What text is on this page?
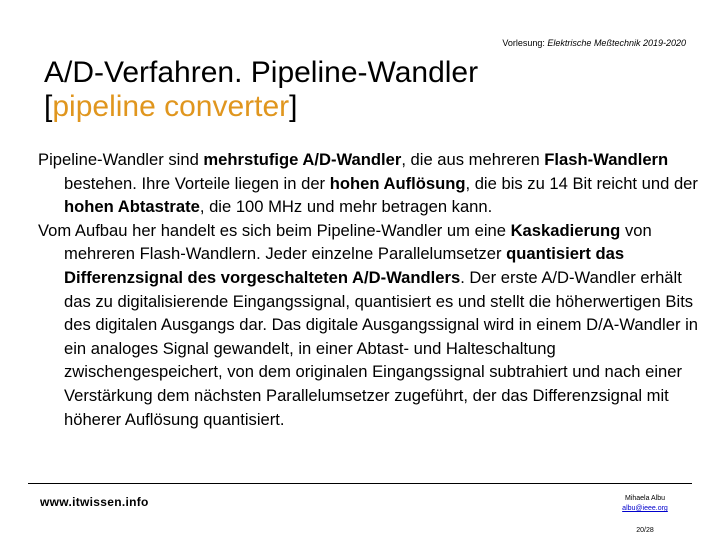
Vorlesung: Elektrische Meßtechnik 2019-2020
A/D-Verfahren. Pipeline-Wandler
[pipeline converter]

Pipeline-Wandler sind mehrstufige A/D-Wandler, die aus mehreren Flash-Wandlern bestehen. Ihre Vorteile liegen in der hohen Auflösung, die bis zu 14 Bit reicht und der hohen Abtastrate, die 100 MHz und mehr betragen kann.

Vom Aufbau her handelt es sich beim Pipeline-Wandler um eine Kaskadierung von mehreren Flash-Wandlern. Jeder einzelne Parallelumsetzer quantisiert das Differenzsignal des vorgeschalteten A/D-Wandlers. Der erste A/D-Wandler erhält das zu digitalisierende Eingangssignal, quantisiert es und stellt die höherwertigen Bits des digitalen Ausgangs dar. Das digitale Ausgangssignal wird in einem D/A-Wandler in ein analoges Signal gewandelt, in einer Abtast- und Halteschaltung zwischengespeichert, von dem originalen Eingangssignal subtrahiert und nach einer Verstärkung dem nächsten Parallelumsetzer zugeführt, der das Differenzsignal mit höherer Auflösung quantisiert.

www.itwissen.info	Mihaela Albu
albu@ieee.org
20/28
